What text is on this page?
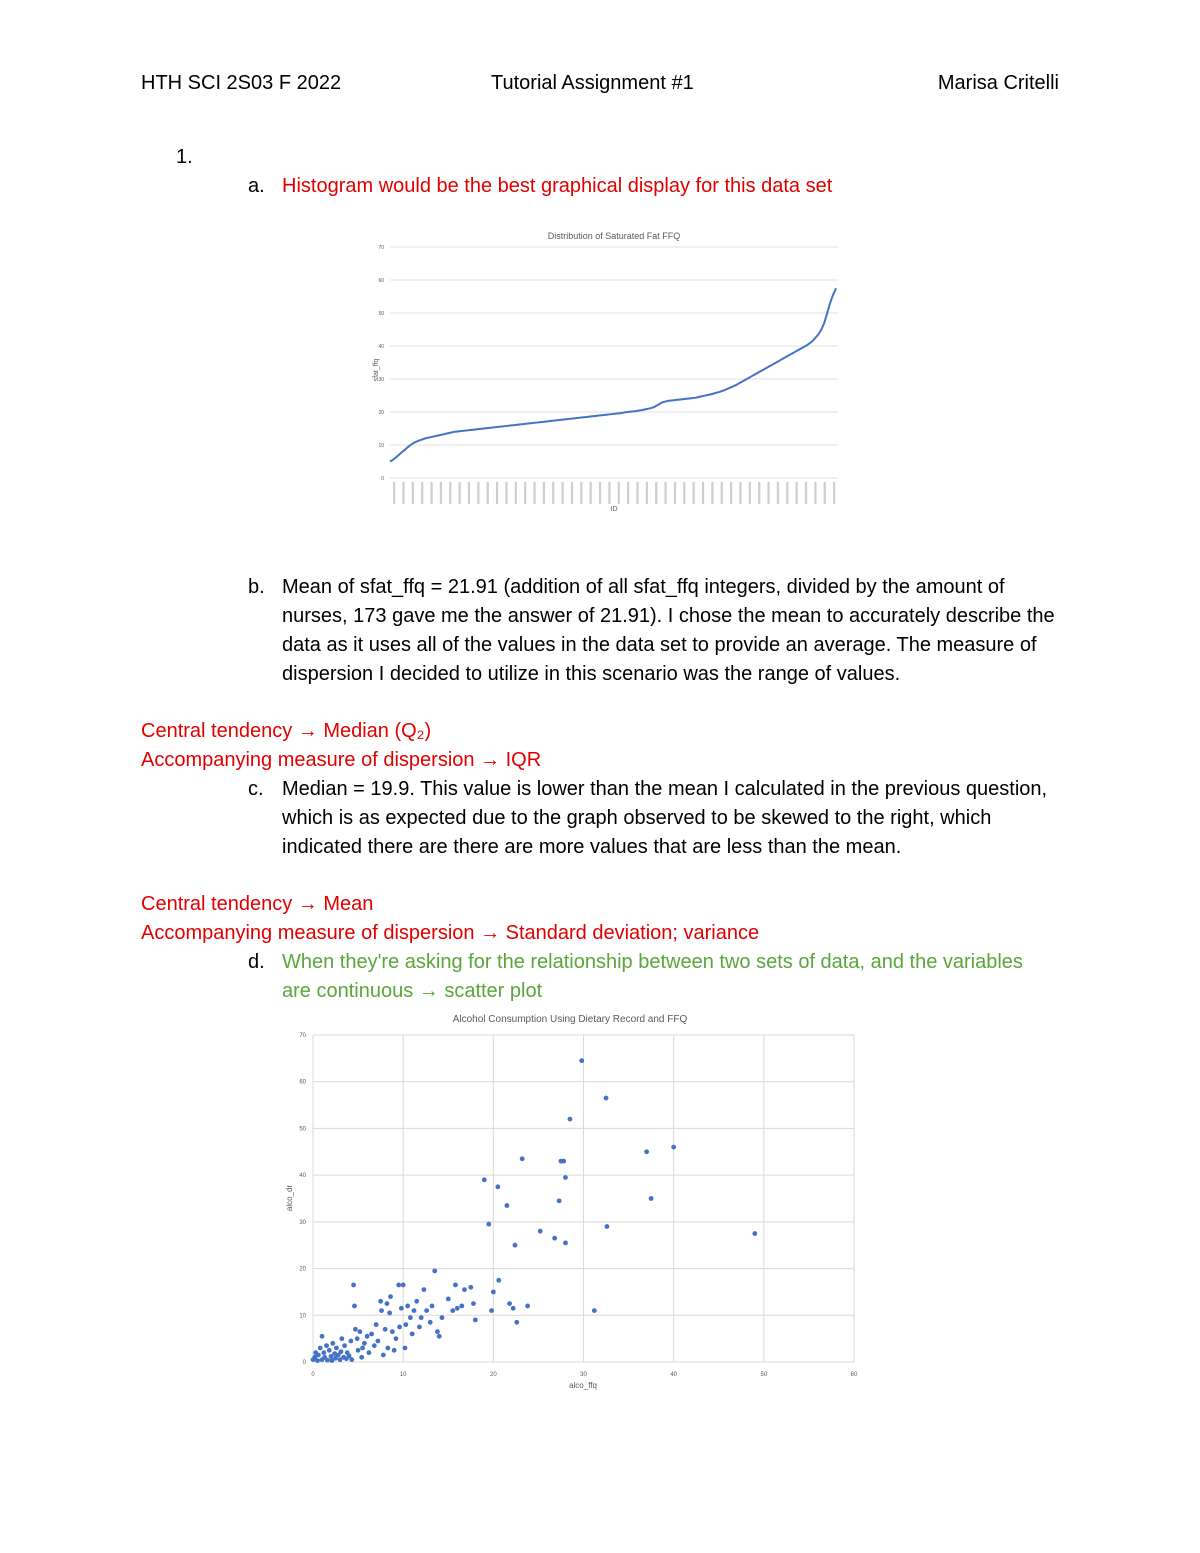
HTH SCI 2S03 F 2022	Tutorial Assignment #1	Marisa Critelli
1.
a. Histogram would be the best graphical display for this data set
Distribution of Saturated Fat FFQ
sfat_ffq
ID
0
10
20
30
40
50
60
70
b. Mean of sfat_ffq = 21.91 (addition of all sfat_ffq integers, divided by the amount of nurses, 173 gave me the answer of 21.91). I chose the mean to accurately describe the data as it uses all of the values in the data set to provide an average. The measure of dispersion I decided to utilize in this scenario was the range of values.
Central tendency → Median (Q₂)
Accompanying measure of dispersion → IQR
c. Median = 19.9. This value is lower than the mean I calculated in the previous question, which is as expected due to the graph observed to be skewed to the right, which indicated there are there are more values that are less than the mean.
Central tendency → Mean
Accompanying measure of dispersion → Standard deviation; variance
d. When they're asking for the relationship between two sets of data, and the variables are continuous → scatter plot
Alcohol Consumption Using Dietary Record and FFQ
alco_dr
alco_ffq
0
10
20
30
40
50
60
70
0	10	20	30	40	50	60
